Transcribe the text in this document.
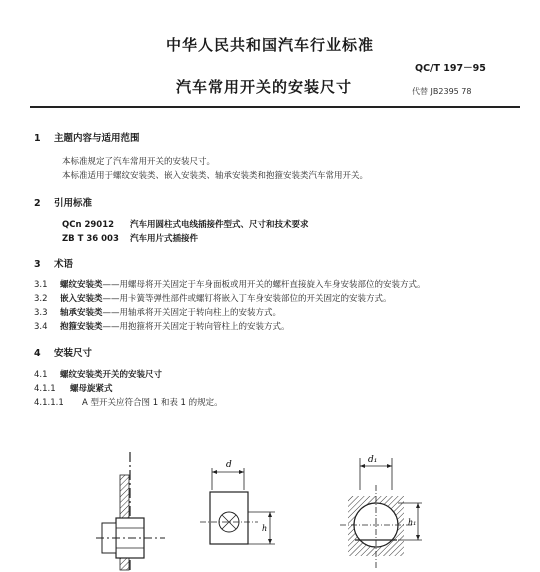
中华人民共和国汽车行业标准
QC/T 197－95
汽车常用开关的安装尺寸	代替 JB2395 78
1 主题内容与适用范围
本标准规定了汽车常用开关的安装尺寸。
本标准适用于螺纹安装类、嵌入安装类、轴承安装类和抱箍安装类汽车常用开关。
2 引用标准
QCn 29012 汽车用圆柱式电线插接件型式、尺寸和技术要求
ZB T 36 003 汽车用片式插接件
3 术语
3.1 螺纹安装类——用螺母将开关固定于车身面板或用开关的螺杆直接旋入车身安装部位的安装方式。
3.2 嵌入安装类——用卡簧等弹性部件或螺钉将嵌入丁车身安装部位的开关固定的安装方式。
3.3 轴承安装类——用轴承将开关固定于转向柱上的安装方式。
3.4 抱箍安装类——用抱箍将开关固定于转向管柱上的安装方式。
4 安装尺寸
4.1 螺纹安装类开关的安装尺寸
4.1.1 螺母旋紧式
4.1.1.1 A 型开关应符合图 1 和表 1 的规定。
d
h
d₁
h₁
